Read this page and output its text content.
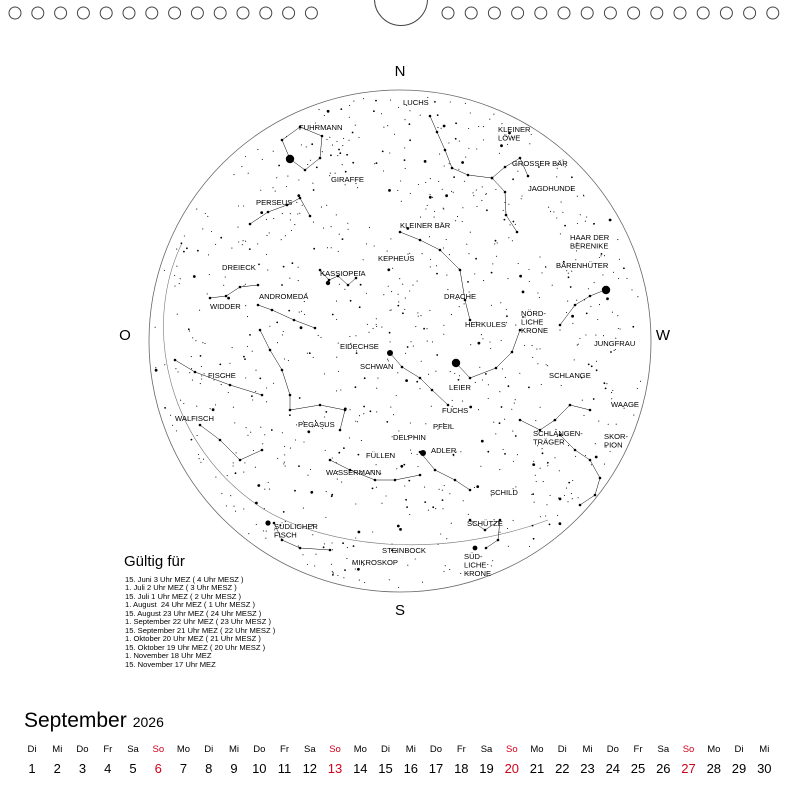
LUCHS
KLEINER LÖWE
FUHRMANN
GROSSER BÄR
GIRAFFE
JAGDHUNDE
PERSEUS
KLEINER BÄR
HAAR DER BERENIKE
KEPHEUS
DREIECK
KASSIOPEIA
BÄRENHÜTER
ANDROMEDA	DRACHE
WIDDER
NÖRD-LICHE KRONE
HERKULES
JUNGFRAU
EIDECHSE
SCHWAN
FISCHE	SCHLANGE
LEIER
FUCHS
WAAGE
WALFISCH
PEGASUS	PFEIL
SCHLANGEN-TRÄGER
SKOR-PION
DELPHIN
ADLER
FÜLLEN
WASSERMANN
SCHILD
SCHÜTZE
SÜDLICHER FISCH
STEINBOCK
SÜD-LICHE KRONE
MIKROSKOP
N
S
O	W
Gültig für
15. Juni 3 Uhr MEZ ( 4 Uhr MESZ )
1. Juli 2 Uhr MEZ ( 3 Uhr MESZ )
15. Juli 1 Uhr MEZ ( 2 Uhr MESZ )
1. August  24 Uhr MEZ ( 1 Uhr MESZ )
15. August 23 Uhr MEZ ( 24 Uhr MESZ )
1. September 22 Uhr MEZ ( 23 Uhr MESZ )
15. September 21 Uhr MEZ ( 22 Uhr MESZ )
1. Oktober 20 Uhr MEZ ( 21 Uhr MESZ )
15. Oktober 19 Uhr MEZ ( 20 Uhr MESZ )
1. November 18 Uhr MEZ
15. November 17 Uhr MEZ
September 2026
Di
1
Mi
2
Do
3
Fr
4
Sa
5
So
6
Mo
7
Di
8
Mi
9
Do
10
Fr
11
Sa
12
So
13
Mo
14
Di
15
Mi
16
Do
17
Fr
18
Sa
19
So
20
Mo
21
Di
22
Mi
23
Do
24
Fr
25
Sa
26
So
27
Mo
28
Di
29
Mi
30
